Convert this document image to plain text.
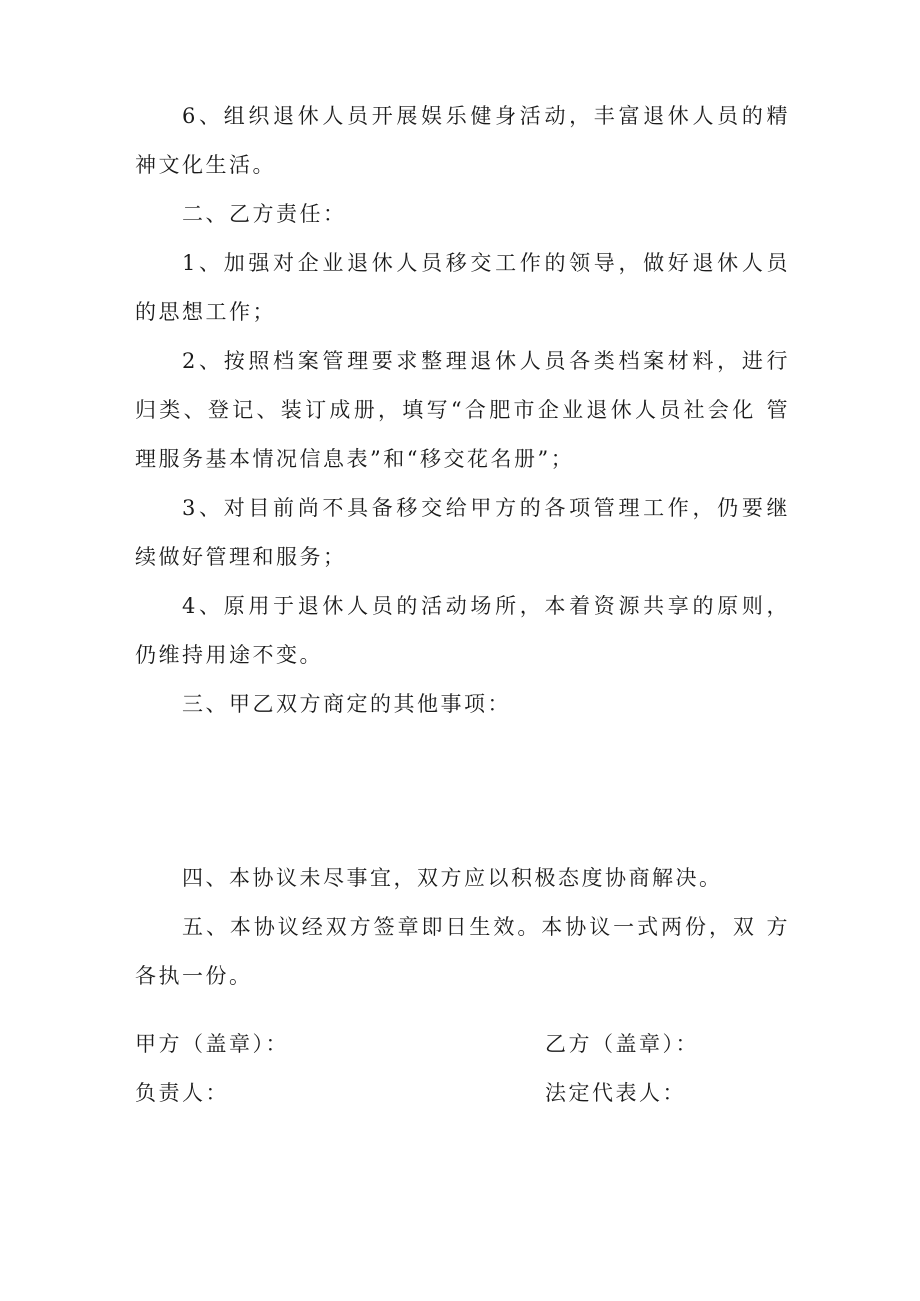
6、组织退休人员开展娱乐健身活动，丰富退休人员的精 神文化生活。

二、乙方责任：

1、加强对企业退休人员移交工作的领导，做好退休人员 的思想工作；

2、按照档案管理要求整理退休人员各类档案材料，进行 归类、登记、装订成册，填写“合肥市企业退休人员社会化 管理服务基本情况信息表”和“移交花名册”；

3、对目前尚不具备移交给甲方的各项管理工作，仍要继 续做好管理和服务；

4、原用于退休人员的活动场所，本着资源共享的原则， 仍维持用途不变。

三、甲乙双方商定的其他事项：

四、本协议未尽事宜，双方应以积极态度协商解决。

五、本协议经双方签章即日生效。本协议一式两份，双 方各执一份。

甲方（盖章）：	乙方（盖章）：
负责人：	法定代表人：
